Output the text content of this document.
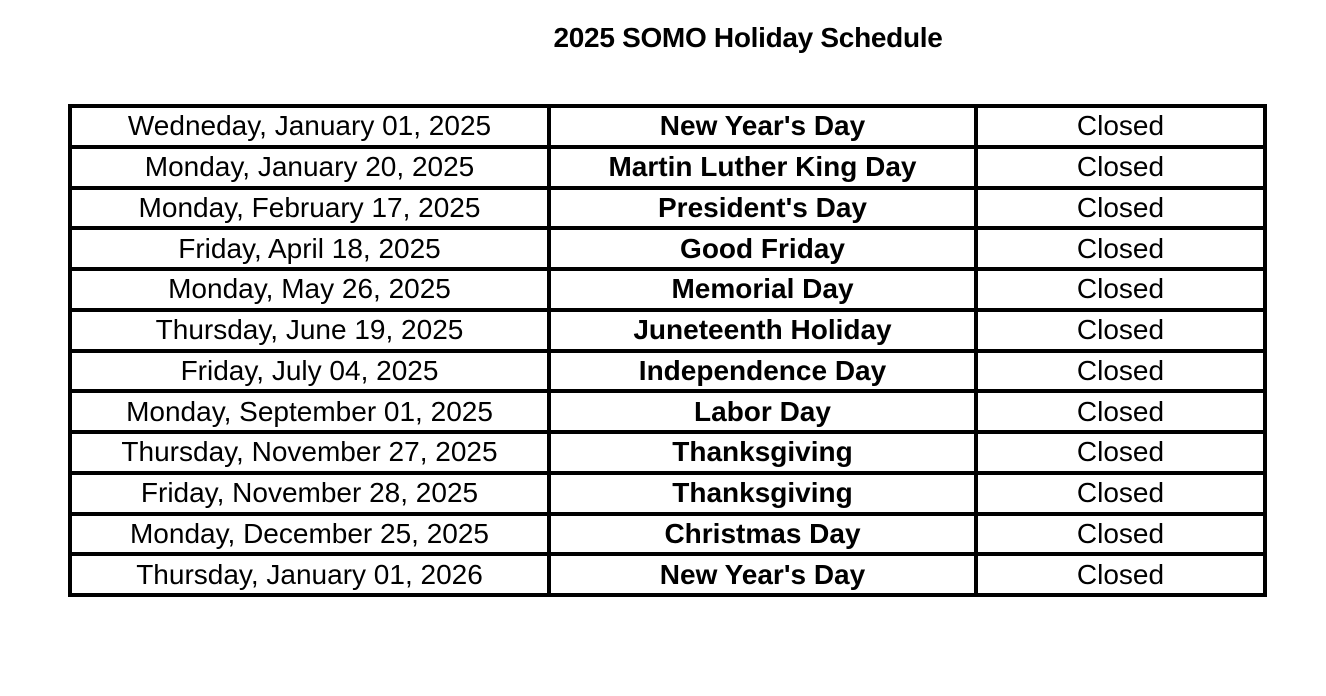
2025 SOMO Holiday Schedule
Wedneday, January 01, 2025	New Year's Day	Closed
Monday, January 20, 2025	Martin Luther King Day	Closed
Monday, February 17, 2025	President's Day	Closed
Friday, April 18, 2025	Good Friday	Closed
Monday, May 26, 2025	Memorial Day	Closed
Thursday, June 19, 2025	Juneteenth Holiday	Closed
Friday, July 04, 2025	Independence Day	Closed
Monday, September 01, 2025	Labor Day	Closed
Thursday, November 27, 2025	Thanksgiving	Closed
Friday, November 28, 2025	Thanksgiving	Closed
Monday, December 25, 2025	Christmas Day	Closed
Thursday, January 01, 2026	New Year's Day	Closed
